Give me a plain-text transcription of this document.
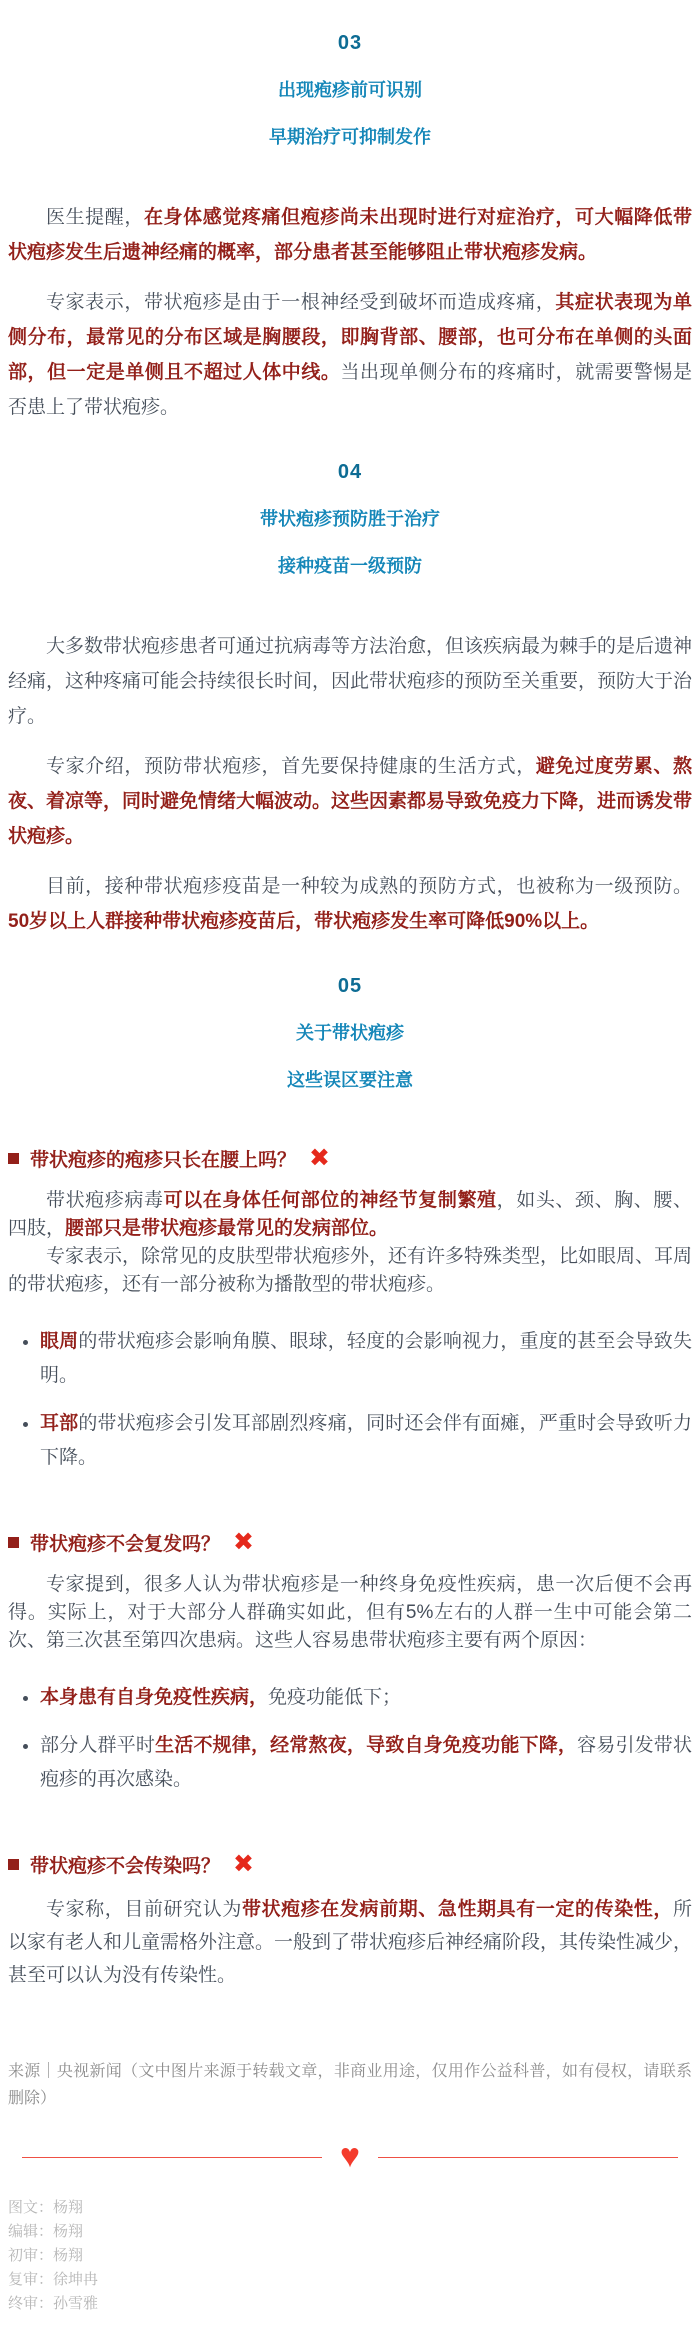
03
出现疱疹前可识别
早期治疗可抑制发作

医生提醒，在身体感觉疼痛但疱疹尚未出现时进行对症治疗，可大幅降低带状疱疹发生后遗神经痛的概率，部分患者甚至能够阻止带状疱疹发病。

专家表示，带状疱疹是由于一根神经受到破坏而造成疼痛，其症状表现为单侧分布，最常见的分布区域是胸腰段，即胸背部、腰部，也可分布在单侧的头面部，但一定是单侧且不超过人体中线。当出现单侧分布的疼痛时，就需要警惕是否患上了带状疱疹。

04
带状疱疹预防胜于治疗
接种疫苗一级预防

大多数带状疱疹患者可通过抗病毒等方法治愈，但该疾病最为棘手的是后遗神经痛，这种疼痛可能会持续很长时间，因此带状疱疹的预防至关重要，预防大于治疗。

专家介绍，预防带状疱疹，首先要保持健康的生活方式，避免过度劳累、熬夜、着凉等，同时避免情绪大幅波动。这些因素都易导致免疫力下降，进而诱发带状疱疹。

目前，接种带状疱疹疫苗是一种较为成熟的预防方式，也被称为一级预防。50岁以上人群接种带状疱疹疫苗后，带状疱疹发生率可降低90%以上。

05
关于带状疱疹
这些误区要注意
带状疱疹的疱疹只长在腰上吗？ ✖

带状疱疹病毒可以在身体任何部位的神经节复制繁殖，如头、颈、胸、腰、四肢，腰部只是带状疱疹最常见的发病部位。

专家表示，除常见的皮肤型带状疱疹外，还有许多特殊类型，比如眼周、耳周的带状疱疹，还有一部分被称为播散型的带状疱疹。

眼周的带状疱疹会影响角膜、眼球，轻度的会影响视力，重度的甚至会导致失明。
耳部的带状疱疹会引发耳部剧烈疼痛，同时还会伴有面瘫，严重时会导致听力下降。
带状疱疹不会复发吗？ ✖

专家提到，很多人认为带状疱疹是一种终身免疫性疾病，患一次后便不会再得。实际上，对于大部分人群确实如此，但有5%左右的人群一生中可能会第二次、第三次甚至第四次患病。这些人容易患带状疱疹主要有两个原因：

本身患有自身免疫性疾病，免疫功能低下；
部分人群平时生活不规律，经常熬夜，导致自身免疫功能下降，容易引发带状疱疹的再次感染。
带状疱疹不会传染吗？ ✖

专家称，目前研究认为带状疱疹在发病前期、急性期具有一定的传染性，所以家有老人和儿童需格外注意。一般到了带状疱疹后神经痛阶段，其传染性减少，甚至可以认为没有传染性。

来源｜央视新闻（文中图片来源于转载文章，非商业用途，仅用作公益科普，如有侵权，请联系删除）

♥
图文：杨翔
编辑：杨翔
初审：杨翔
复审：徐坤冉
终审：孙雪雅
